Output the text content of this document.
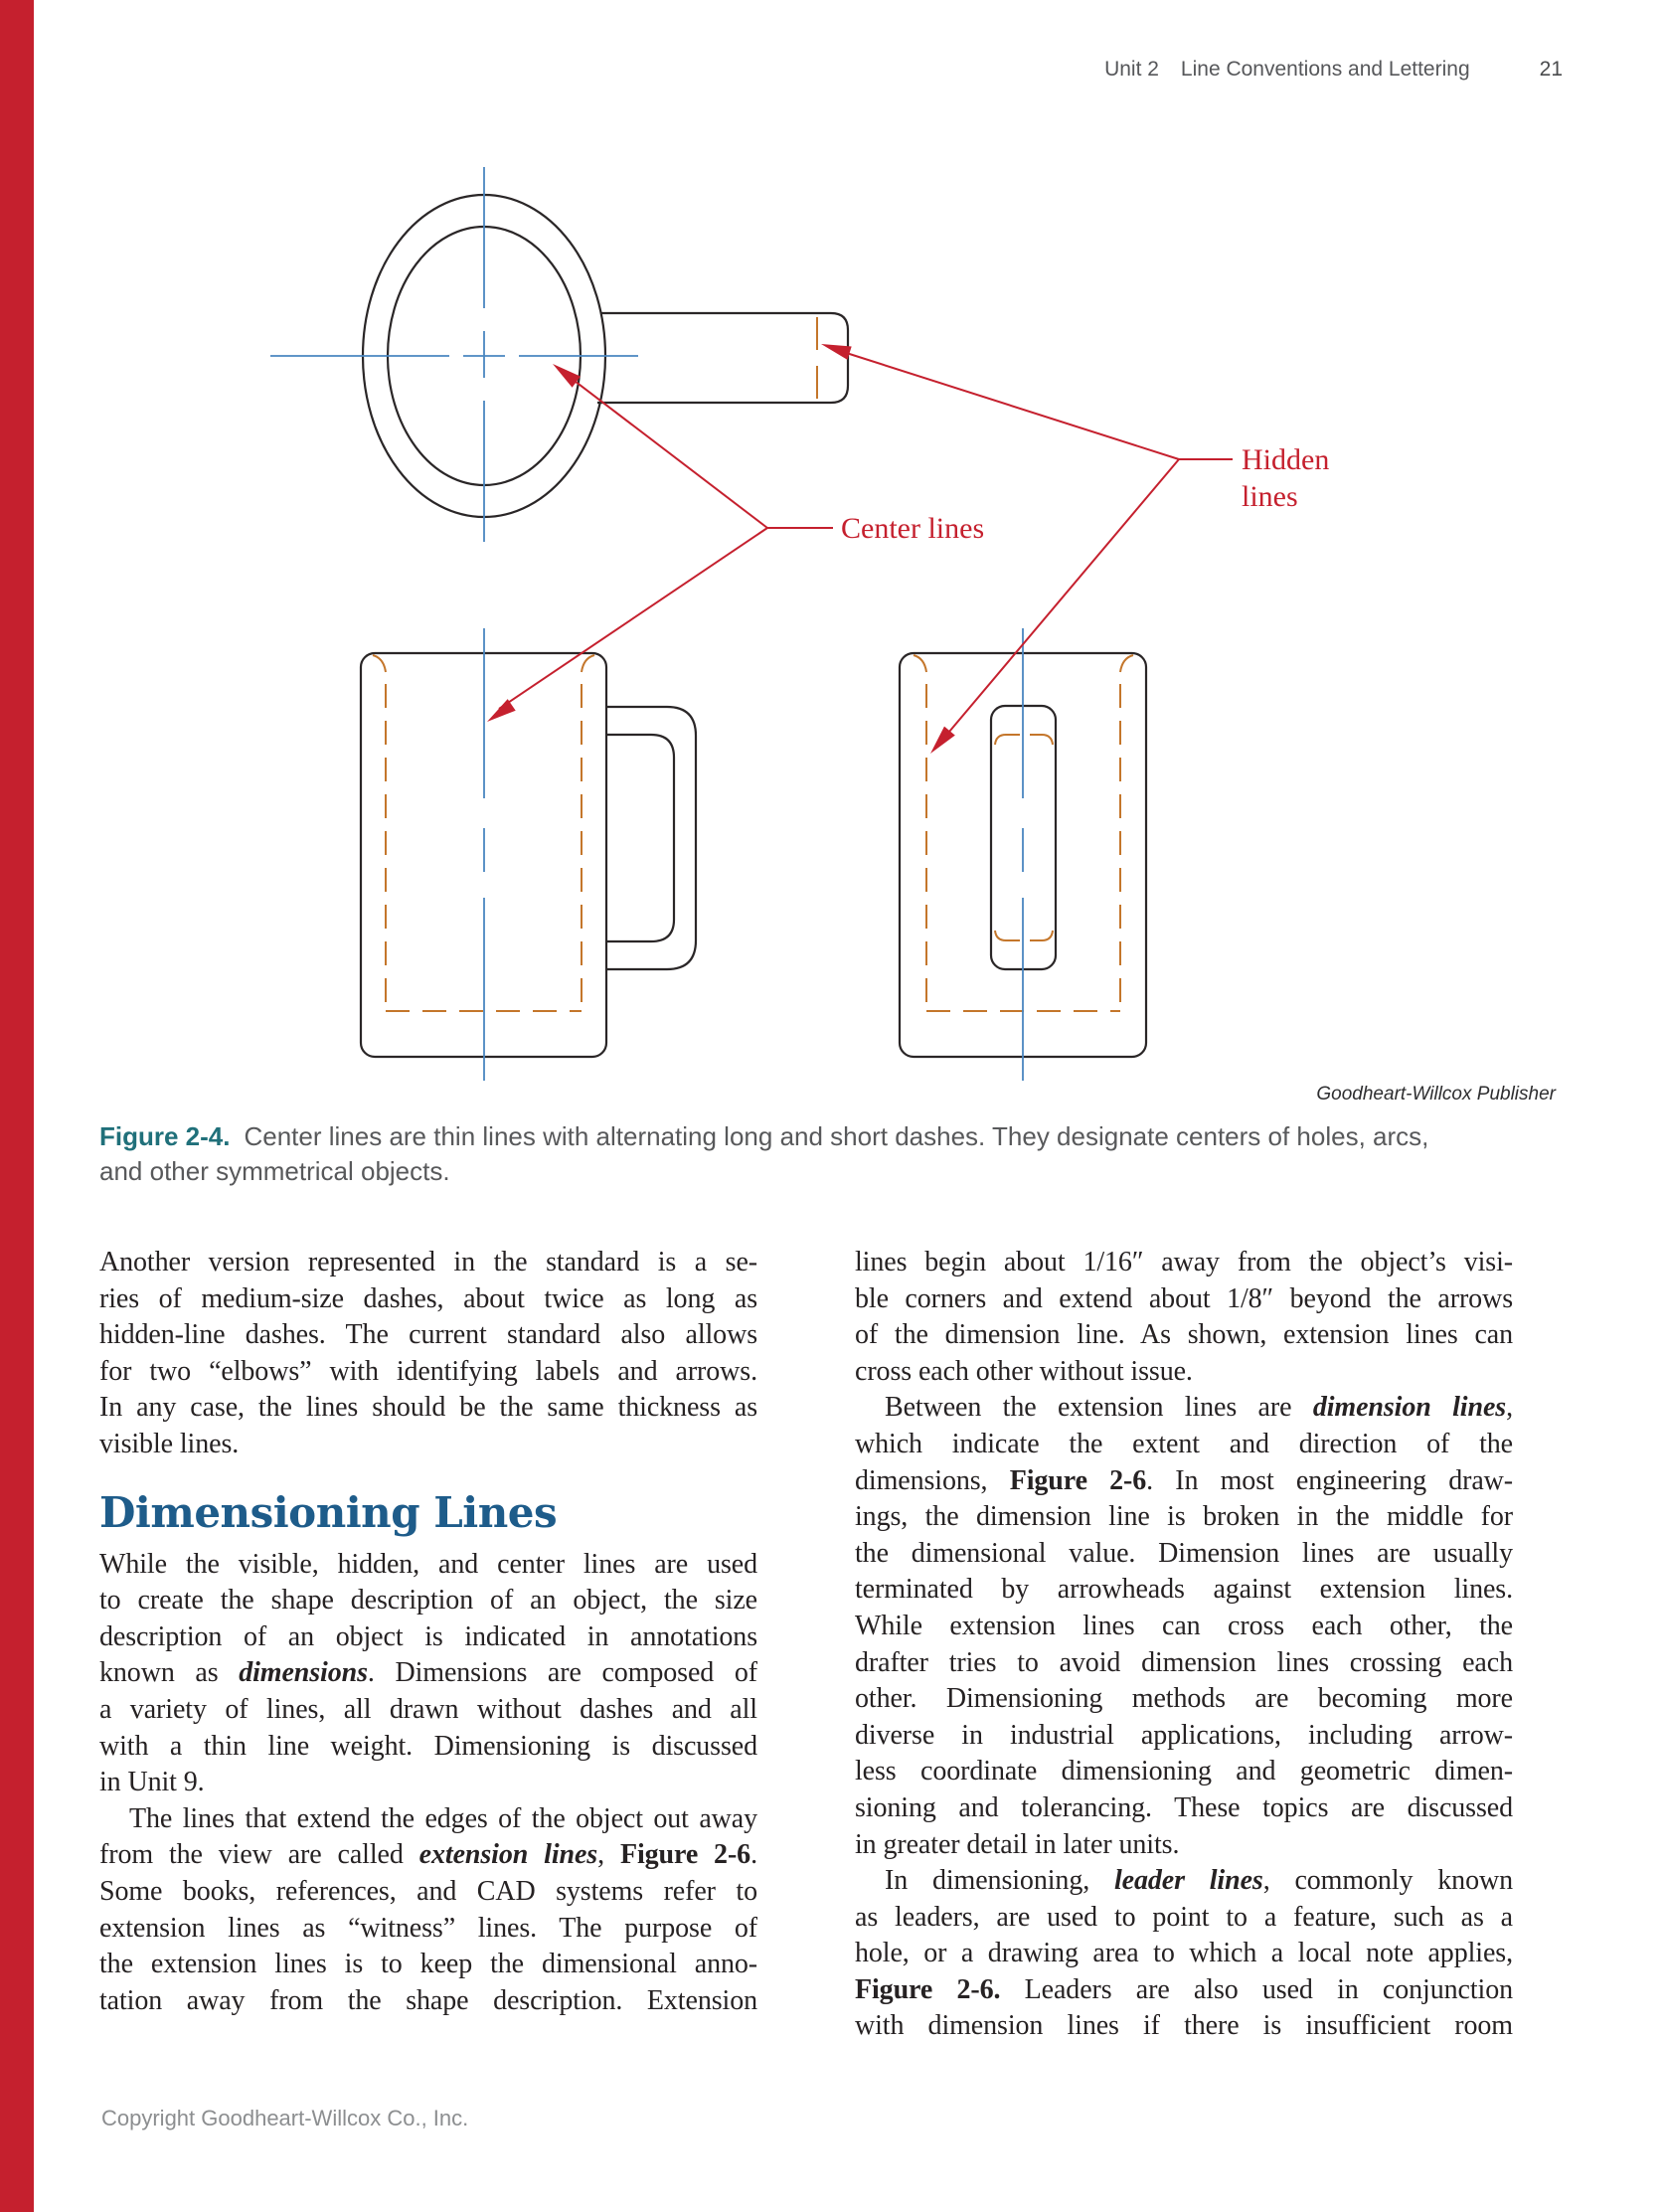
Unit 2 Line Conventions and Lettering	21
Hidden
lines
Center lines
Goodheart-Willcox Publisher
Figure 2-4. Center lines are thin lines with alternating long and short dashes. They designate centers of holes, arcs,
and other symmetrical objects.
Another version represented in the standard is a se-
ries of medium-size dashes, about twice as long as
hidden-line dashes. The current standard also allows
for two “elbows” with identifying labels and arrows.
In any case, the lines should be the same thickness as
visible lines.
Dimensioning Lines
While the visible, hidden, and center lines are used
to create the shape description of an object, the size
description of an object is indicated in annotations
known as dimensions. Dimensions are composed of
a variety of lines, all drawn without dashes and all
with a thin line weight. Dimensioning is discussed
in Unit 9.
The lines that extend the edges of the object out away
from the view are called extension lines, Figure 2-6.
Some books, references, and CAD systems refer to
extension lines as “witness” lines. The purpose of
the extension lines is to keep the dimensional anno-
tation away from the shape description. Extension
lines begin about 1/16″ away from the object’s visi-
ble corners and extend about 1/8″ beyond the arrows
of the dimension line. As shown, extension lines can
cross each other without issue.
Between the extension lines are dimension lines,
which indicate the extent and direction of the
dimensions, Figure 2-6. In most engineering draw-
ings, the dimension line is broken in the middle for
the dimensional value. Dimension lines are usually
terminated by arrowheads against extension lines.
While extension lines can cross each other, the
drafter tries to avoid dimension lines crossing each
other. Dimensioning methods are becoming more
diverse in industrial applications, including arrow-
less coordinate dimensioning and geometric dimen-
sioning and tolerancing. These topics are discussed
in greater detail in later units.
In dimensioning, leader lines, commonly known
as leaders, are used to point to a feature, such as a
hole, or a drawing area to which a local note applies,
Figure 2-6. Leaders are also used in conjunction
with dimension lines if there is insufficient room
Copyright Goodheart-Willcox Co., Inc.
